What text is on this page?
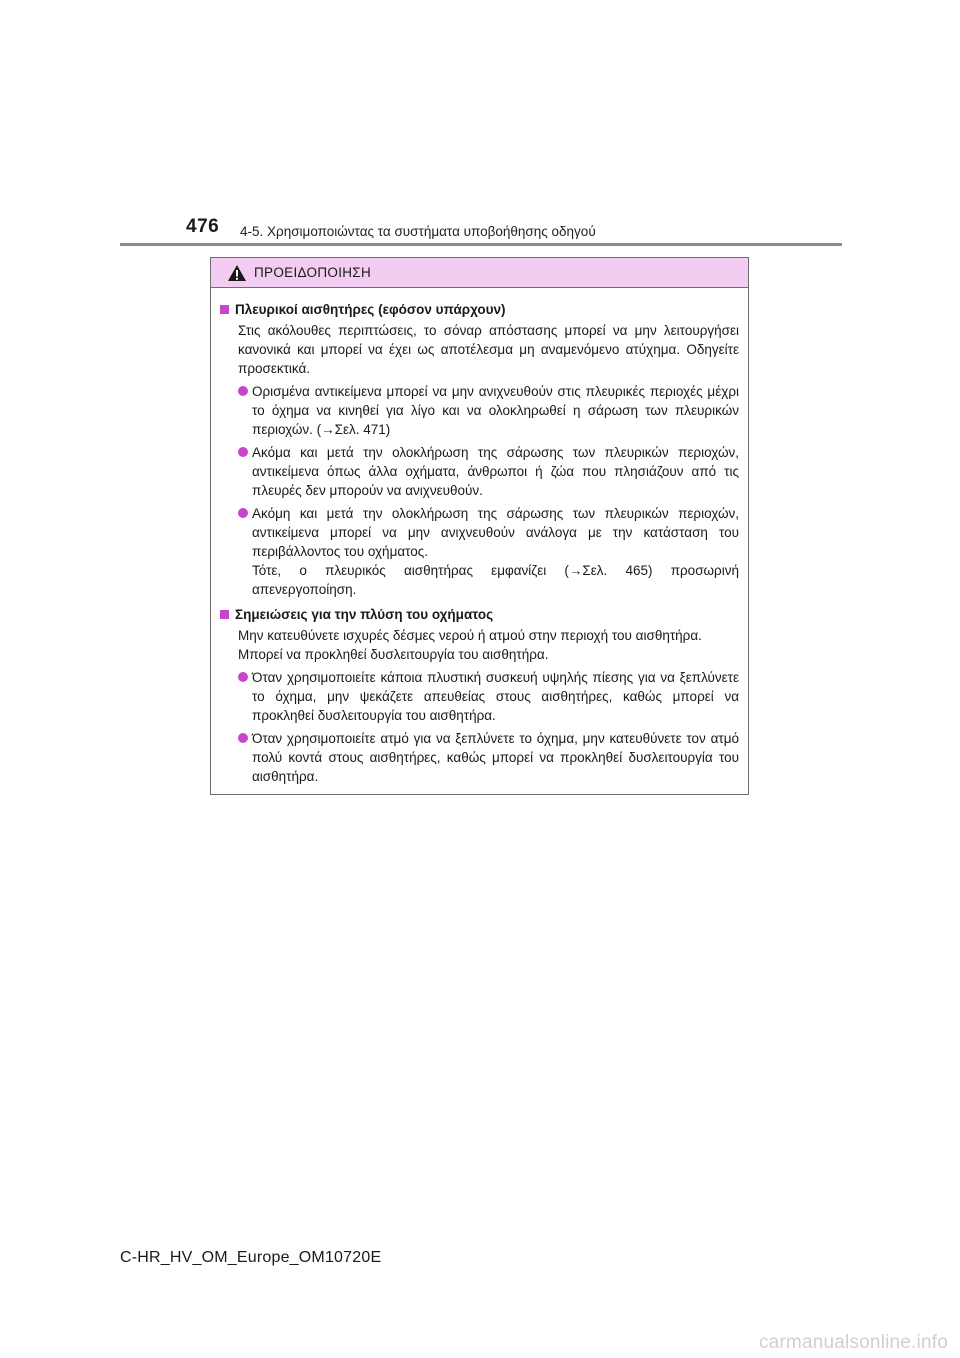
476 4-5. Χρησιμοποιώντας τα συστήματα υποβοήθησης οδηγού
ΠΡΟΕΙΔΟΠΟΙΗΣΗ
Πλευρικοί αισθητήρες (εφόσον υπάρχουν)
Στις ακόλουθες περιπτώσεις, το σόναρ απόστασης μπορεί να μην λειτουργήσει κανονικά και μπορεί να έχει ως αποτέλεσμα μη αναμενόμενο ατύχημα. Οδηγείτε προσεκτικά.
Ορισμένα αντικείμενα μπορεί να μην ανιχνευθούν στις πλευρικές περιοχές μέχρι το όχημα να κινηθεί για λίγο και να ολοκληρωθεί η σάρωση των πλευρικών περιοχών. (→Σελ. 471)
Ακόμα και μετά την ολοκλήρωση της σάρωσης των πλευρικών περιοχών, αντικείμενα όπως άλλα οχήματα, άνθρωποι ή ζώα που πλησιάζουν από τις πλευρές δεν μπορούν να ανιχνευθούν.
Ακόμη και μετά την ολοκλήρωση της σάρωσης των πλευρικών περιοχών, αντικείμενα μπορεί να μην ανιχνευθούν ανάλογα με την κατάσταση του περιβάλλοντος του οχήματος.
Τότε, ο πλευρικός αισθητήρας εμφανίζει (→Σελ. 465) προσωρινή απενεργοποίηση.
Σημειώσεις για την πλύση του οχήματος
Μην κατευθύνετε ισχυρές δέσμες νερού ή ατμού στην περιοχή του αισθητήρα.
Μπορεί να προκληθεί δυσλειτουργία του αισθητήρα.
Όταν χρησιμοποιείτε κάποια πλυστική συσκευή υψηλής πίεσης για να ξεπλύνετε το όχημα, μην ψεκάζετε απευθείας στους αισθητήρες, καθώς μπορεί να προκληθεί δυσλειτουργία του αισθητήρα.
Όταν χρησιμοποιείτε ατμό για να ξεπλύνετε το όχημα, μην κατευθύνετε τον ατμό πολύ κοντά στους αισθητήρες, καθώς μπορεί να προκληθεί δυσλειτουργία του αισθητήρα.
C-HR_HV_OM_Europe_OM10720E
carmanualsonline.info
